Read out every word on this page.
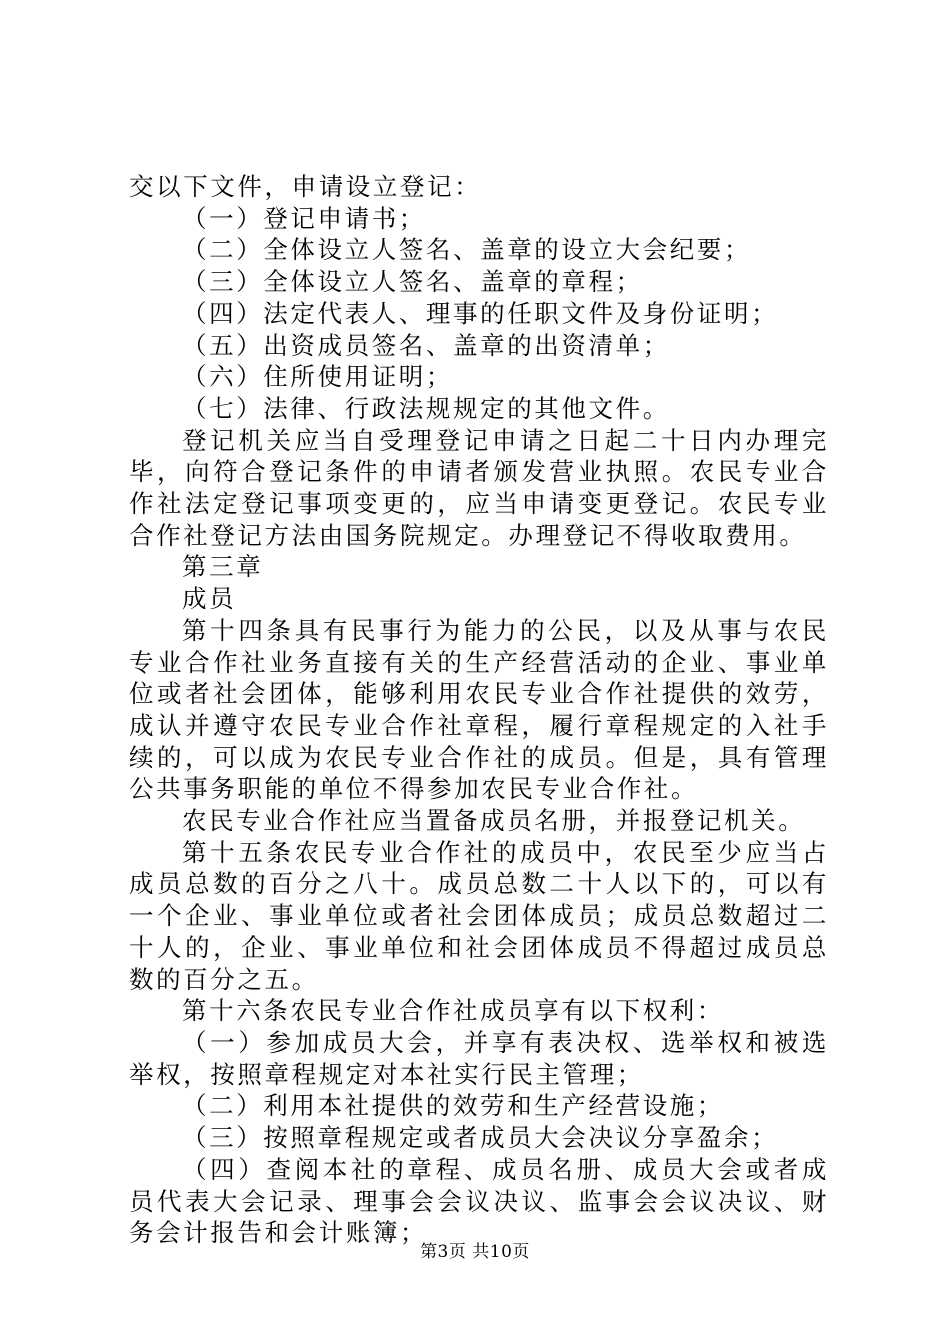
交以下文件，申请设立登记：

（一）登记申请书；

（二）全体设立人签名、盖章的设立大会纪要；

（三）全体设立人签名、盖章的章程；

（四）法定代表人、理事的任职文件及身份证明；

（五）出资成员签名、盖章的出资清单；

（六）住所使用证明；

（七）法律、行政法规规定的其他文件。

登记机关应当自受理登记申请之日起二十日内办理完毕，向符合登记条件的申请者颁发营业执照。农民专业合作社法定登记事项变更的，应当申请变更登记。农民专业合作社登记方法由国务院规定。办理登记不得收取费用。

第三章

成员

第十四条具有民事行为能力的公民，以及从事与农民专业合作社业务直接有关的生产经营活动的企业、事业单位或者社会团体，能够利用农民专业合作社提供的效劳，成认并遵守农民专业合作社章程，履行章程规定的入社手续的，可以成为农民专业合作社的成员。但是，具有管理公共事务职能的单位不得参加农民专业合作社。

农民专业合作社应当置备成员名册，并报登记机关。

第十五条农民专业合作社的成员中，农民至少应当占成员总数的百分之八十。成员总数二十人以下的，可以有一个企业、事业单位或者社会团体成员；成员总数超过二十人的，企业、事业单位和社会团体成员不得超过成员总数的百分之五。

第十六条农民专业合作社成员享有以下权利：

（一）参加成员大会，并享有表决权、选举权和被选举权，按照章程规定对本社实行民主管理；

（二）利用本社提供的效劳和生产经营设施；

（三）按照章程规定或者成员大会决议分享盈余；

（四）查阅本社的章程、成员名册、成员大会或者成员代表大会记录、理事会会议决议、监事会会议决议、财务会计报告和会计账簿；

第3页 共10页
